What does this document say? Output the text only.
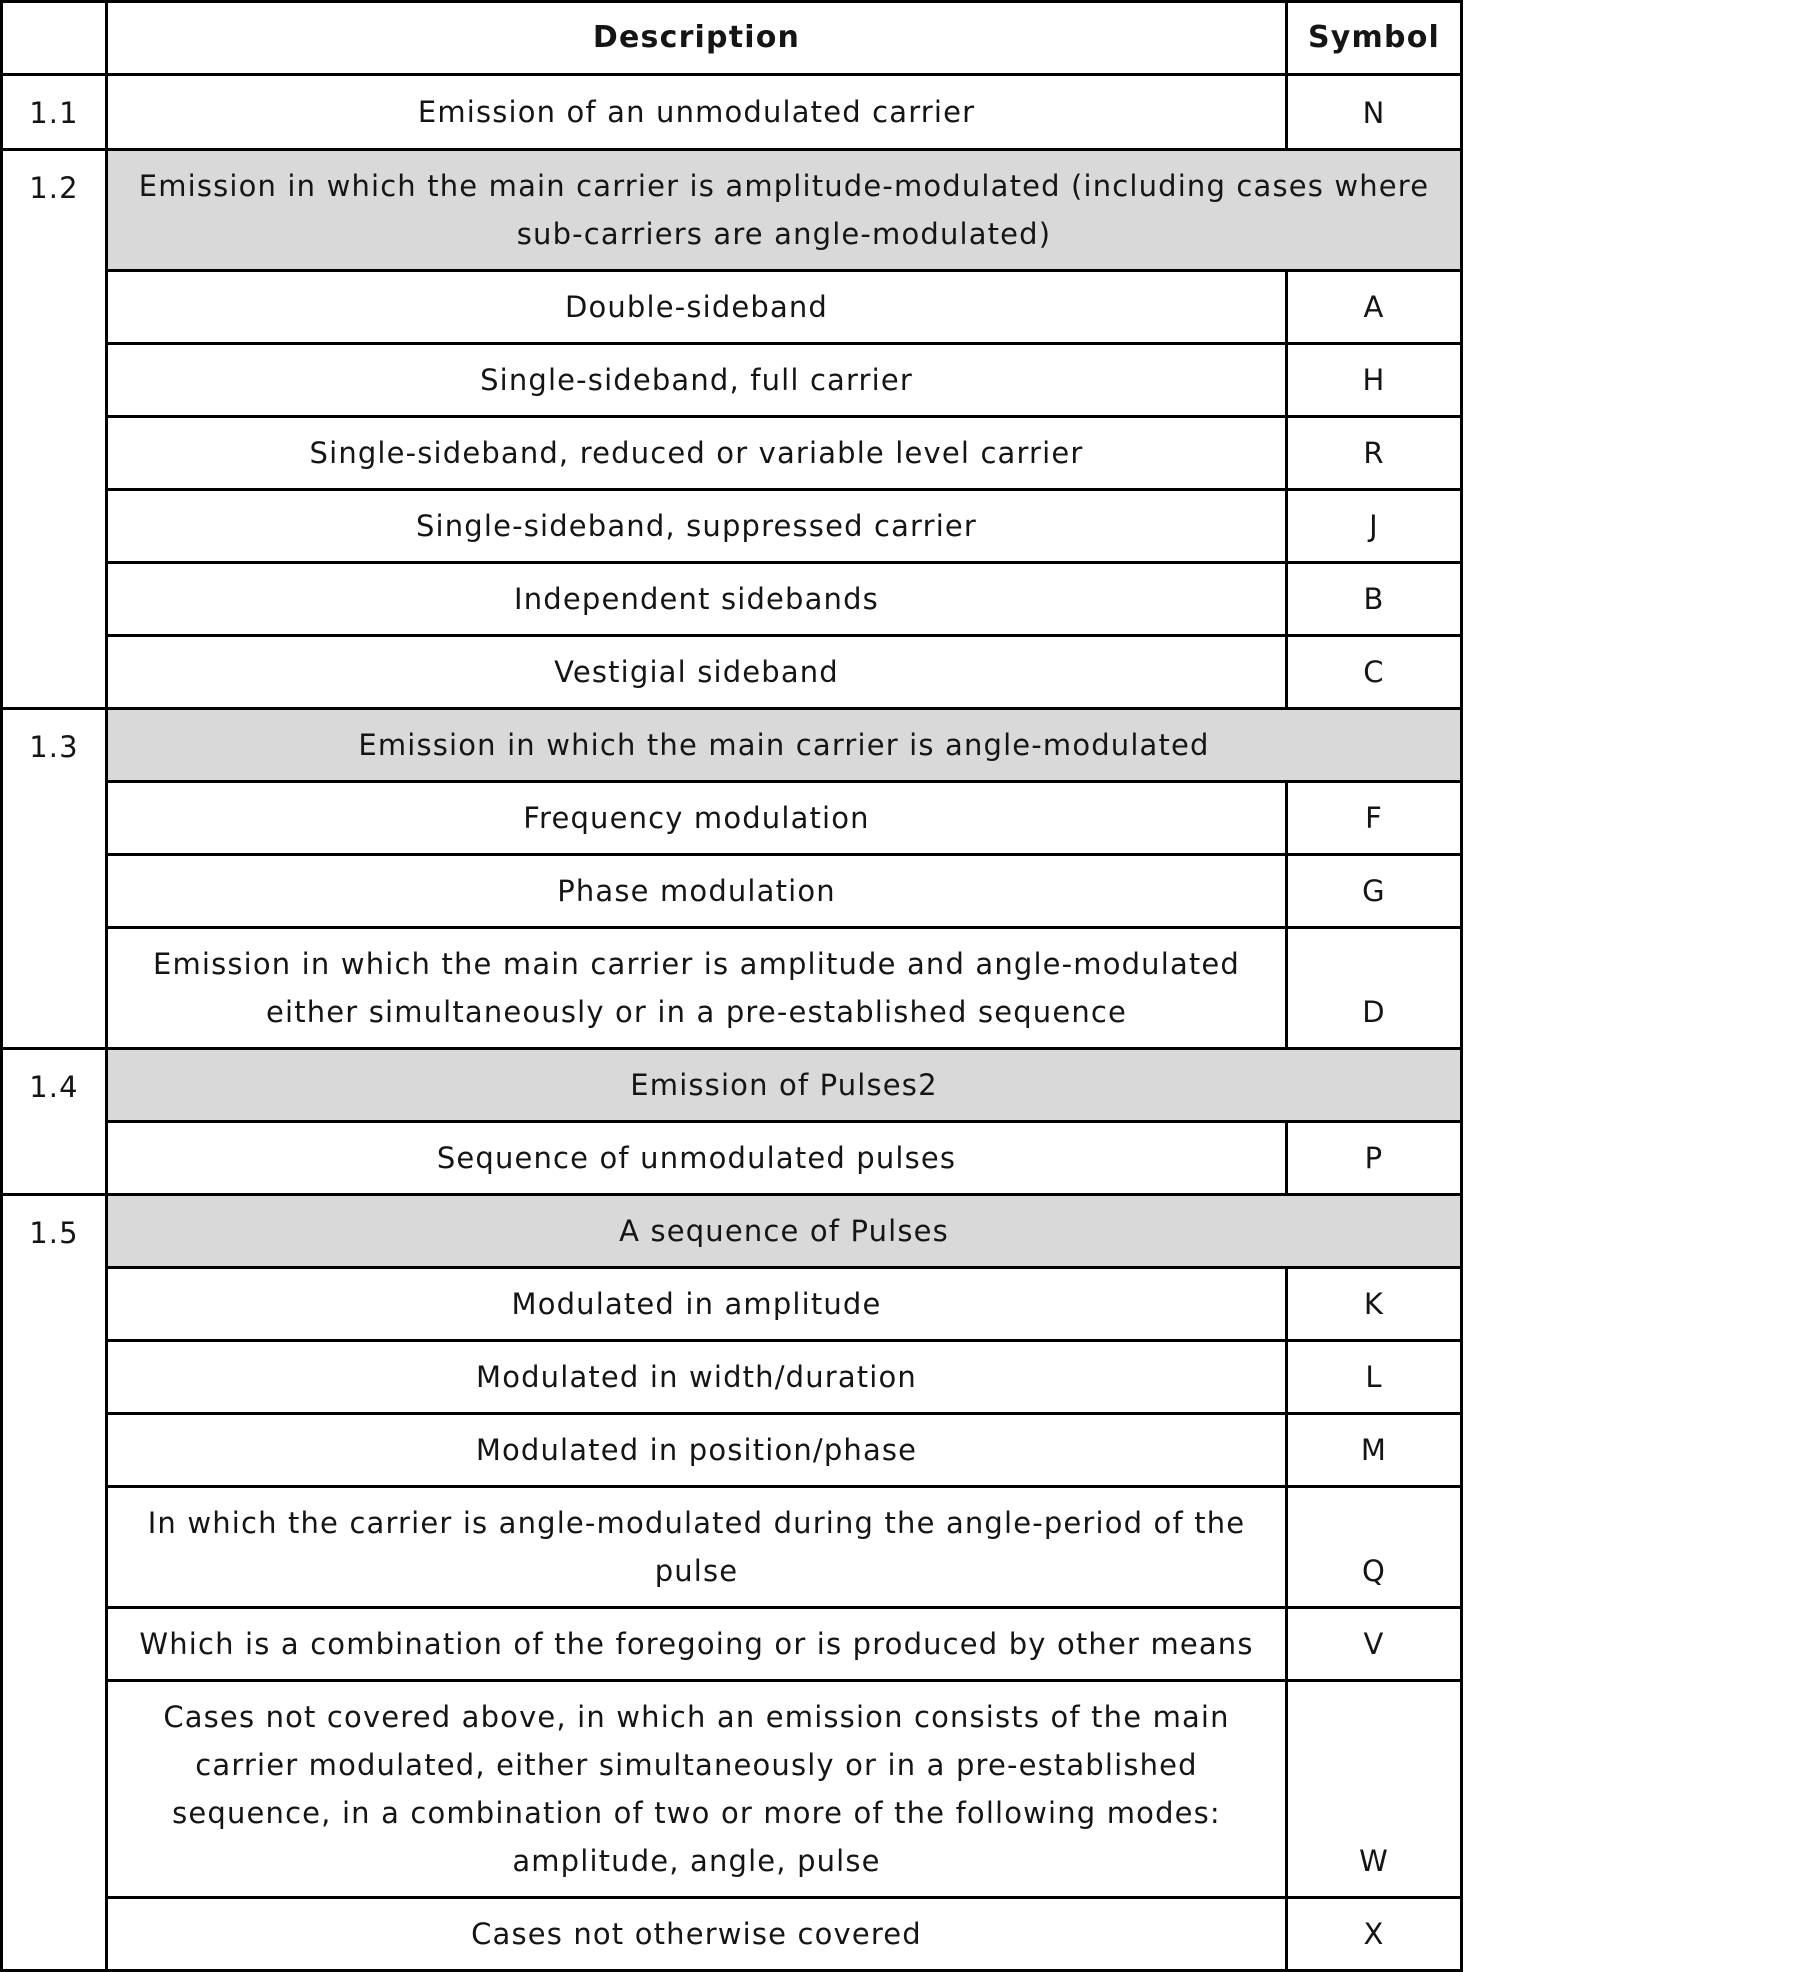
	Description	Symbol
1.1	Emission of an unmodulated carrier	N
1.2	Emission in which the main carrier is amplitude-modulated (including cases where sub-carriers are angle-modulated)	
	Double-sideband	A
	Single-sideband, full carrier	H
	Single-sideband, reduced or variable level carrier	R
	Single-sideband, suppressed carrier	J
	Independent sidebands	B
	Vestigial sideband	C
1.3	Emission in which the main carrier is angle-modulated	
	Frequency modulation	F
	Phase modulation	G
	Emission in which the main carrier is amplitude and angle-modulated either simultaneously or in a pre-established sequence	D
1.4	Emission of Pulses2	
	Sequence of unmodulated pulses	P
1.5	A sequence of Pulses	
	Modulated in amplitude	K
	Modulated in width/duration	L
	Modulated in position/phase	M
	In which the carrier is angle-modulated during the angle-period of the pulse	Q
	Which is a combination of the foregoing or is produced by other means	V
	Cases not covered above, in which an emission consists of the main carrier modulated, either simultaneously or in a pre-established sequence, in a combination of two or more of the following modes: amplitude, angle, pulse	W
	Cases not otherwise covered	X
